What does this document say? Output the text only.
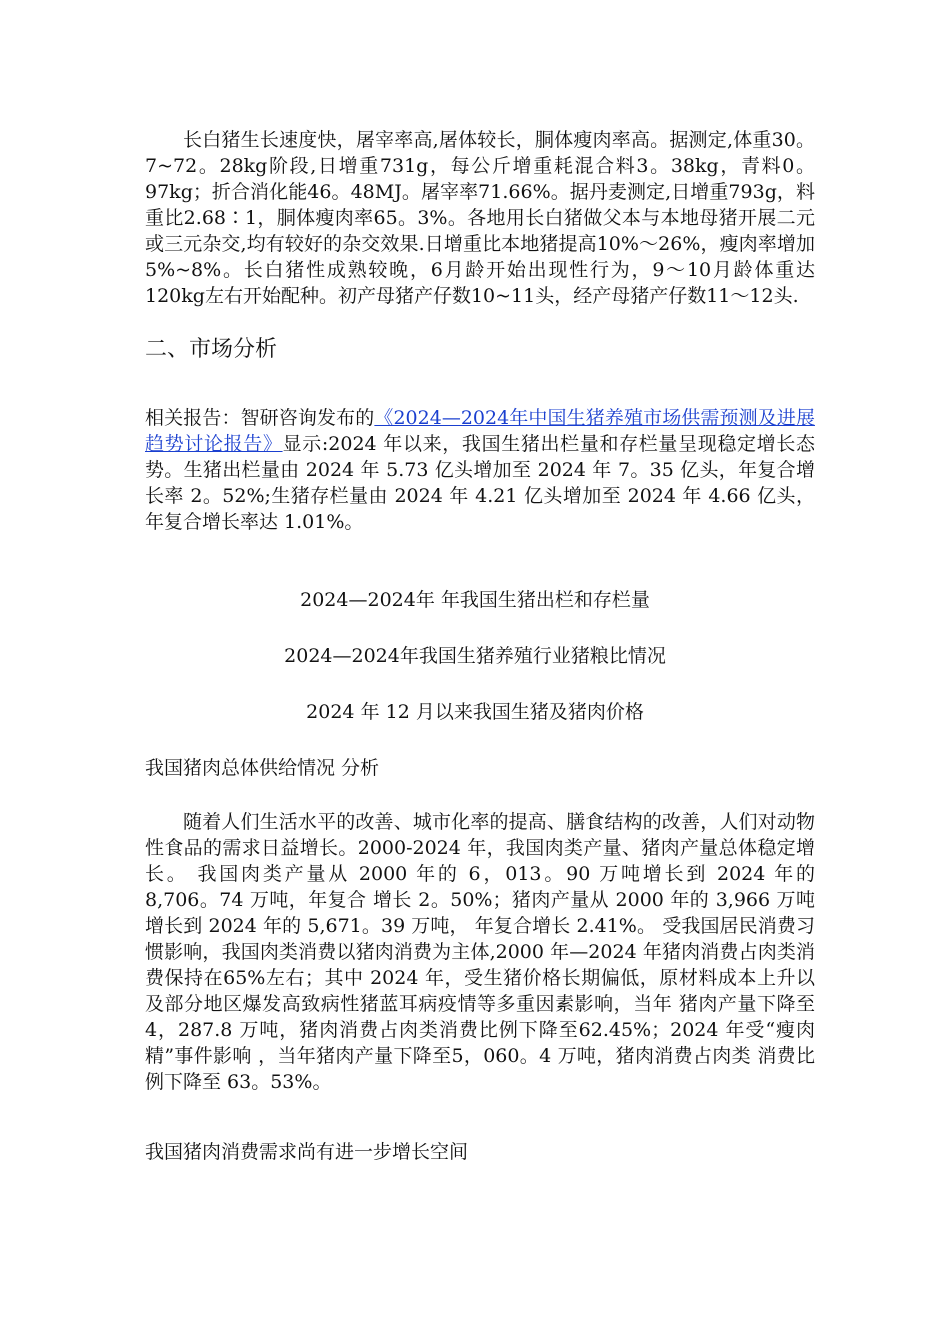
长白猪生长速度快，屠宰率高,屠体较长，胴体瘦肉率高。据测定,体重30。7~72。28kg阶段,日增重731g，每公斤增重耗混合料3。38kg，青料0。97kg；折合消化能46。48MJ。屠宰率71.66%。据丹麦测定,日增重793g，料重比2.68∶1，胴体瘦肉率65。3%。各地用长白猪做父本与本地母猪开展二元或三元杂交,均有较好的杂交效果.日增重比本地猪提高10%～26%，瘦肉率增加5%~8%。长白猪性成熟较晚，6月龄开始出现性行为，9～10月龄体重达120kg左右开始配种。初产母猪产仔数10~11头，经产母猪产仔数11～12头.

二、市场分析

相关报告：智研咨询发布的《2024—2024年中国生猪养殖市场供需预测及进展趋势讨论报告》显示:2024 年以来，我国生猪出栏量和存栏量呈现稳定增长态势。生猪出栏量由 2024 年 5.73 亿头增加至 2024 年 7。35 亿头，年复合增长率 2。52%;生猪存栏量由 2024 年 4.21 亿头增加至 2024 年 4.66 亿头，年复合增长率达 1.01%。

2024—2024年 年我国生猪出栏和存栏量

2024—2024年我国生猪养殖行业猪粮比情况

2024 年 12 月以来我国生猪及猪肉价格

我国猪肉总体供给情况 分析

随着人们生活水平的改善、城市化率的提高、膳食结构的改善，人们对动物 性食品的需求日益增长。2000-2024 年，我国肉类产量、猪肉产量总体稳定增长。 我国肉类产量从 2000 年的 6，013。90 万吨增长到 2024 年的 8,706。74 万吨，年复合 增长 2。50%；猪肉产量从 2000 年的 3,966 万吨增长到 2024 年的 5,671。39 万吨， 年复合增长 2.41%。 受我国居民消费习惯影响，我国肉类消费以猪肉消费为主体,2000 年—2024 年猪肉消费占肉类消费保持在65%左右；其中 2024 年，受生猪价格长期偏低，原材料成本上升以及部分地区爆发高致病性猪蓝耳病疫情等多重因素影响，当年 猪肉产量下降至 4，287.8 万吨，猪肉消费占肉类消费比例下降至62.45%；2024 年受“瘦肉精”事件影响 ，当年猪肉产量下降至5，060。4 万吨，猪肉消费占肉类 消费比例下降至 63。53%。

我国猪肉消费需求尚有进一步增长空间
